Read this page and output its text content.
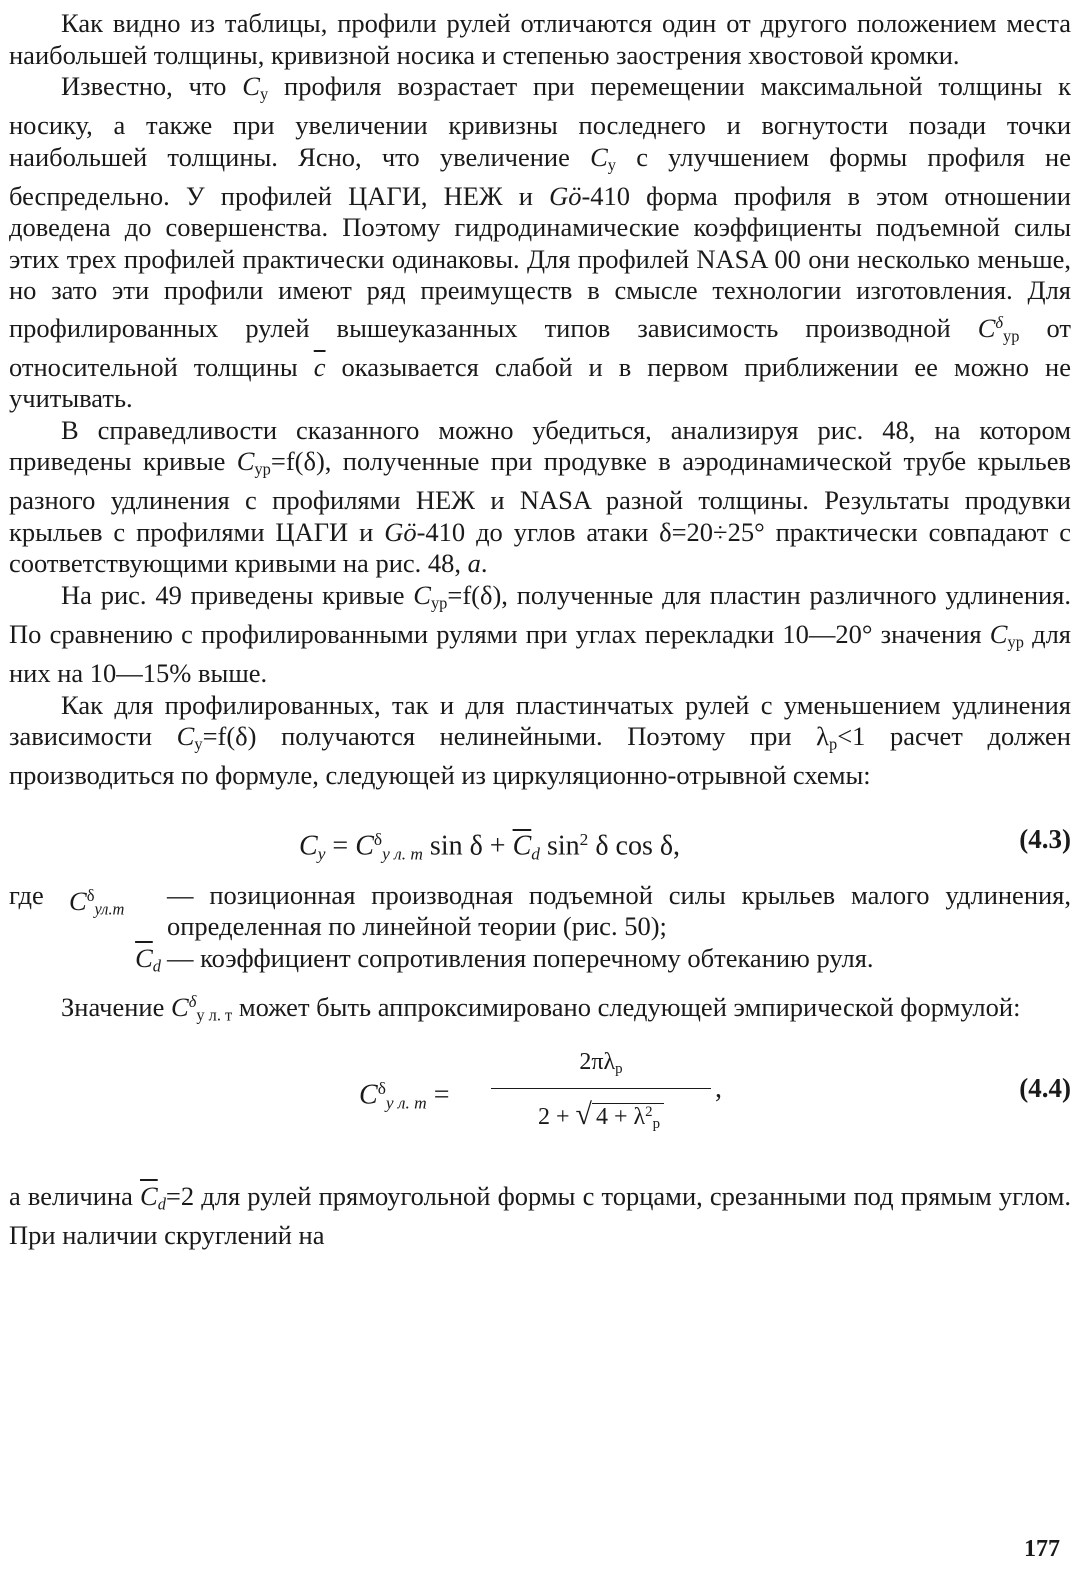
Как видно из таблицы, профили рулей отличаются один от другого положением места наибольшей толщины, кривизной носика и степенью заострения хвостовой кромки.

Известно, что $C_y$ профиля возрастает при перемещении максимальной толщины к носику, а также при увеличении кривизны последнего и вогнутости позади точки наибольшей толщины. Ясно, что увеличение $C_y$ с улучшением формы профиля не беспредельно. У профилей ЦАГИ, НЕЖ и Gö-410 форма профиля в этом отношении доведена до совершенства. Поэтому гидродинамические коэффициенты подъемной силы этих трех профилей практически одинаковы. Для профилей NASA 00 они несколько меньше, но зато эти профили имеют ряд преимуществ в смысле технологии изготовления. Для профилированных рулей вышеуказанных типов зависимость производной $C^\delta_{yp}$ от относительной толщины $\overline{c}$ оказывается слабой и в первом приближении ее можно не учитывать.

В справедливости сказанного можно убедиться, анализируя рис. 48, на котором приведены кривые $C_{yp}=f(\delta)$, полученные при продувке в аэродинамической трубе крыльев разного удлинения с профилями НЕЖ и NASA разной толщины. Результаты продувки крыльев с профилями ЦАГИ и Gö-410 до углов атаки δ=20÷25° практически совпадают с соответствующими кривыми на рис. 48, a.

На рис. 49 приведены кривые $C_{yp}=f(\delta)$, полученные для пластин различного удлинения. По сравнению с профилированными рулями при углах перекладки 10—20° значения $C_{yp}$ для них на 10—15% выше.

Как для профилированных, так и для пластинчатых рулей с уменьшением удлинения зависимости $C_y=f(\delta)$ получаются нелинейными. Поэтому при $\lambda_p<1$ расчет должен производиться по формуле, следующей из циркуляционно-отрывной схемы:

$C_y = C^\delta_{y л. т}$ $\sin \delta + \overline{C}_d$ $\sin^2 \delta$ cos δ,	(4.3)
где $C^\delta_{ул.т}$	— позиционная производная подъемной силы крыльев малого удлинения, определенная по линейной теории (рис. 50);
$\overline{C}_d$ — коэффициент сопротивления поперечному обтеканию руля.

Значение $C^\delta_{y л. т}$ может быть аппроксимировано следующей эмпирической формулой:

$C^\delta_{y л. т}$ =
$2\pi\lambda_p$
2 + √ $4 + \lambda^2_p$
,	(4.4)

а величина $\overline{C}_d=2$ для рулей прямоугольной формы с торцами, срезанными под прямым углом. При наличии скруглений на

177
